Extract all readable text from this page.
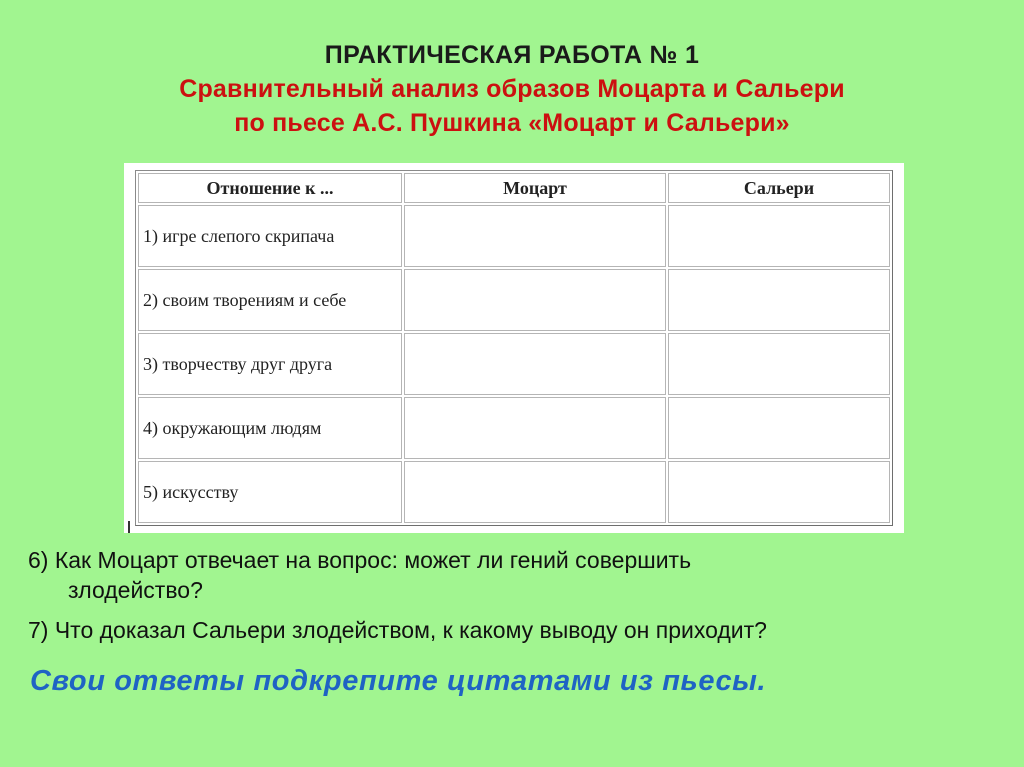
ПРАКТИЧЕСКАЯ РАБОТА № 1
Сравнительный анализ образов Моцарта и Сальери
по пьесе А.С. Пушкина «Моцарт и Сальери»
Отношение к ...	Моцарт	Сальери
1) игре слепого скрипача		
2) своим творениям и себе		
3) творчеству друг друга		
4) окружающим людям		
5) искусству		
6) Как Моцарт отвечает на вопрос: может ли гений совершить
злодейство?
7) Что доказал Сальери злодейством, к какому выводу он приходит?
Свои ответы подкрепите цитатами из пьесы.
